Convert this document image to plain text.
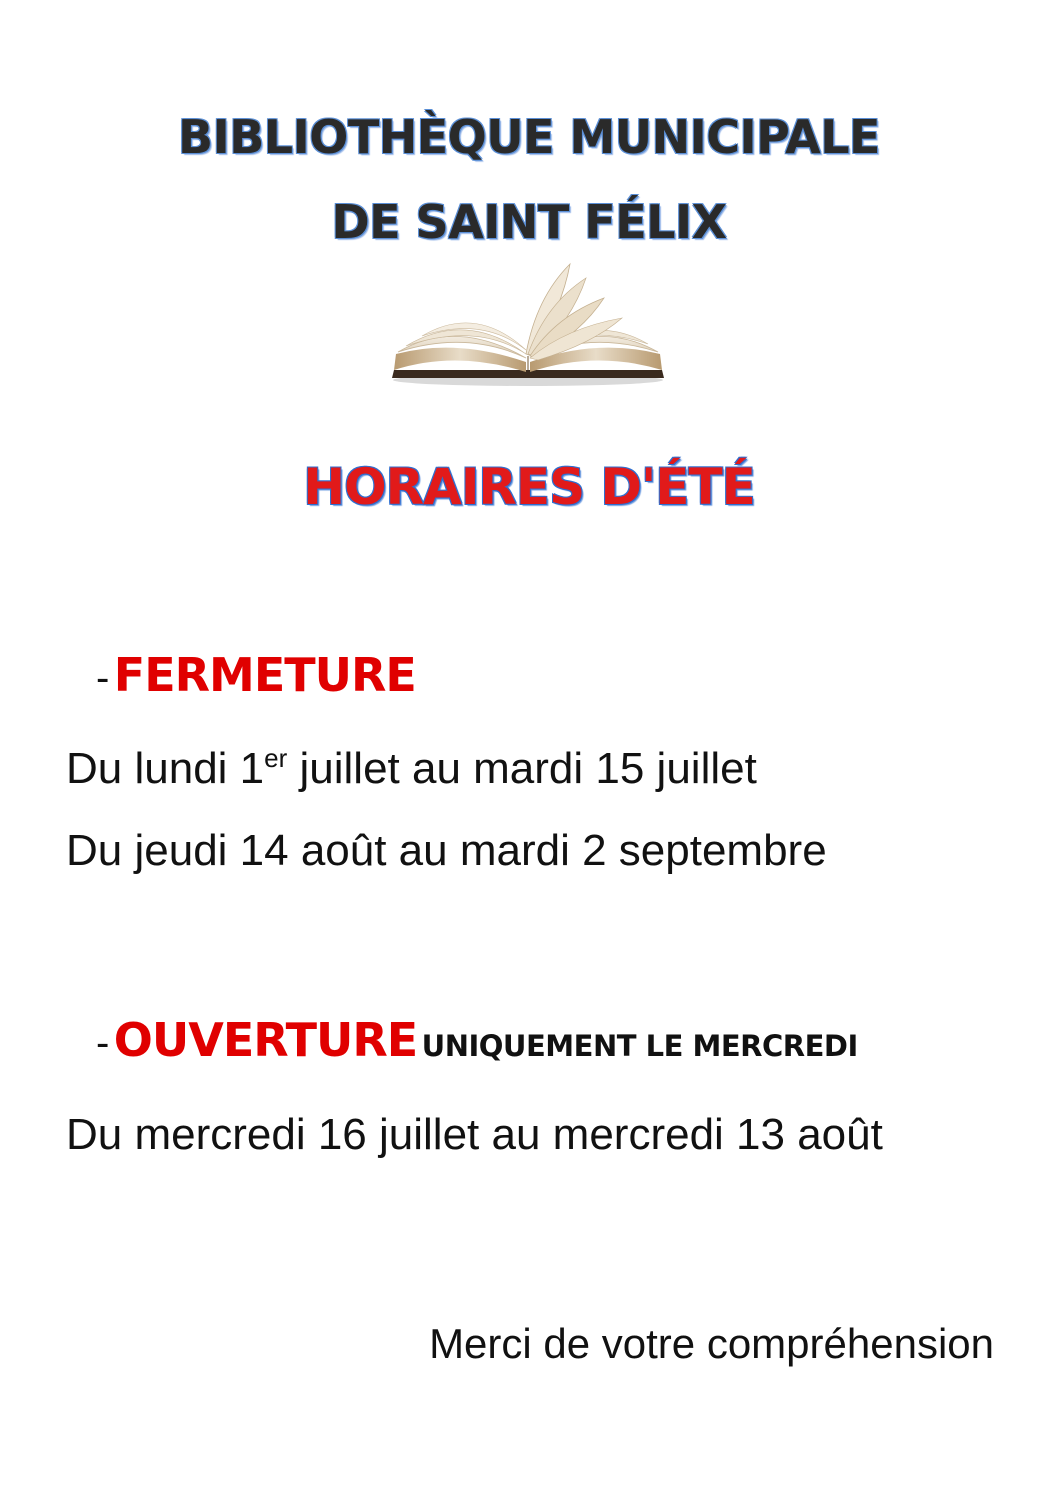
BIBLIOTHÈQUE MUNICIPALE
DE SAINT FÉLIX
HORAIRES D'ÉTÉ
- FERMETURE
Du lundi 1er juillet au mardi 15 juillet
Du jeudi 14 août au mardi 2 septembre
- OUVERTURE UNIQUEMENT LE MERCREDI
Du mercredi 16 juillet au mercredi 13 août
Merci de votre compréhension
